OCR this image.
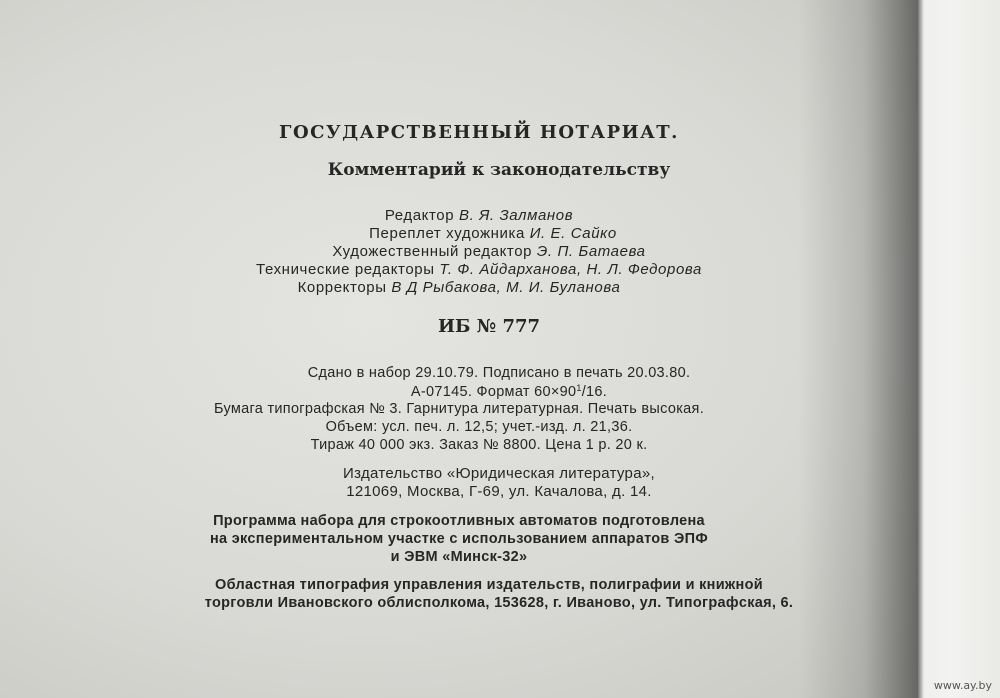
ГОСУДАРСТВЕННЫЙ НОТАРИАТ.
Комментарий к законодательству
Редактор В. Я. Залманов
Переплет художника И. Е. Сайко
Художественный редактор Э. П. Батаева
Технические редакторы Т. Ф. Айдарханова, Н. Л. Федорова
Корректоры В Д Рыбакова, М. И. Буланова
ИБ № 777
Сдано в набор 29.10.79. Подписано в печать 20.03.80.
А-07145. Формат $60\times 90^1/16$.
Бумага типографская № 3. Гарнитура литературная. Печать высокая.
Объем: усл. печ. л. 12,5; учет.-изд. л. 21,36.
Тираж 40 000 экз. Заказ № 8800. Цена 1 р. 20 к.
Издательство «Юридическая литература»,
121069, Москва, Г-69, ул. Качалова, д. 14.
Программа набора для строкоотливных автоматов подготовлена
на экспериментальном участке с использованием аппаратов ЭПФ
и ЭВМ «Минск-32»
Областная типография управления издательств, полиграфии и книжной
торговли Ивановского облисполкома, 153628, г. Иваново, ул. Типографская, 6.
www.ay.by
